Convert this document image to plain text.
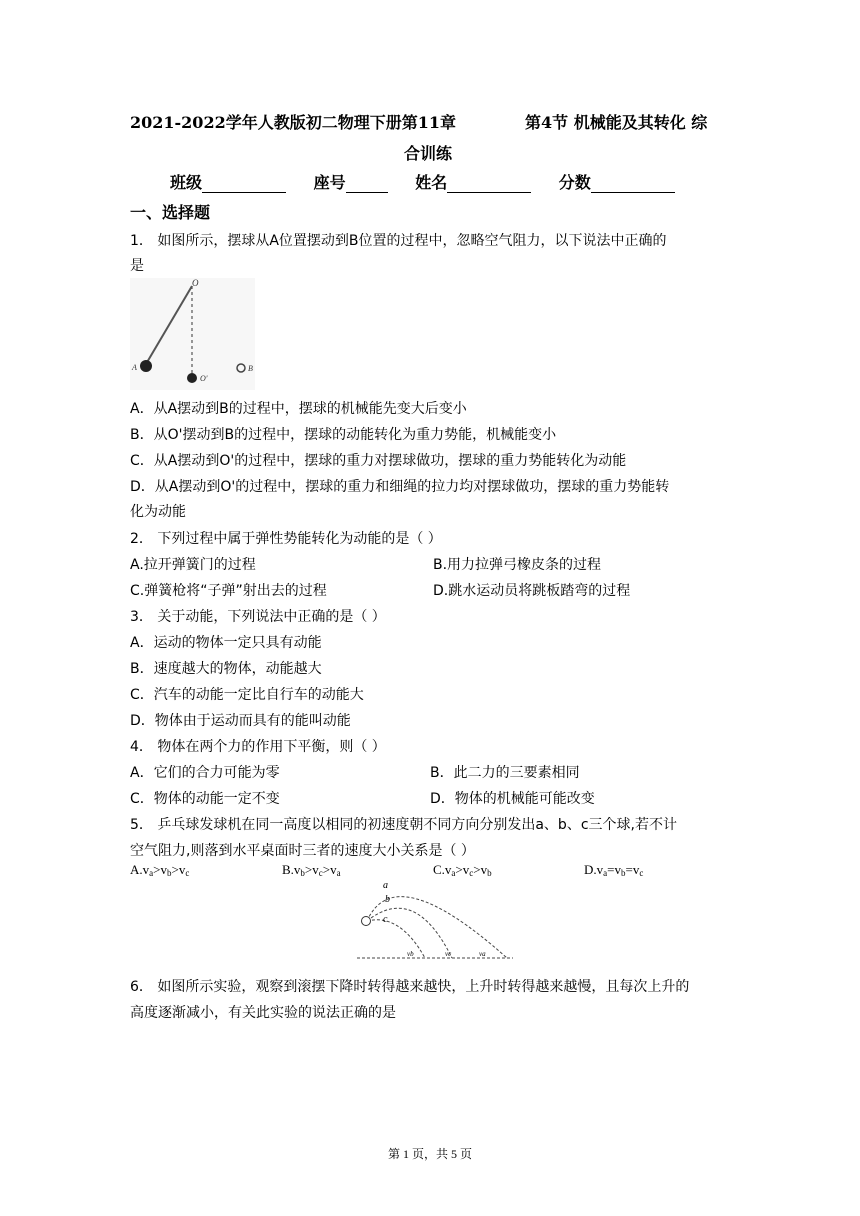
2021-2022学年人教版初二物理下册第11章	第4节 机械能及其转化 综
合训练
班级	座号	姓名	分数
一、选择题
1． 如图所示，摆球从A位置摆动到B位置的过程中，忽略空气阻力，以下说法中正确的
是
O
A
O'
B
A．从A摆动到B的过程中，摆球的机械能先变大后变小
B．从O'摆动到B的过程中，摆球的动能转化为重力势能，机械能变小
C．从A摆动到O'的过程中，摆球的重力对摆球做功，摆球的重力势能转化为动能
D．从A摆动到O'的过程中，摆球的重力和细绳的拉力均对摆球做功，摆球的重力势能转
化为动能
2． 下列过程中属于弹性势能转化为动能的是（ ）
A.拉开弹簧门的过程	B.用力拉弹弓橡皮条的过程
C.弹簧枪将“子弹”射出去的过程	D.跳水运动员将跳板踏弯的过程
3． 关于动能，下列说法中正确的是（ ）
A．运动的物体一定只具有动能
B．速度越大的物体，动能越大
C．汽车的动能一定比自行车的动能大
D．物体由于运动而具有的能叫动能
4． 物体在两个力的作用下平衡，则（ ）
A．它们的合力可能为零	B．此二力的三要素相同
C．物体的动能一定不变	D．物体的机械能可能改变
5． 乒乓球发球机在同一高度以相同的初速度朝不同方向分别发出a、b、c三个球,若不计
空气阻力,则落到水平桌面时三者的速度大小关系是（ ）
$A.v_a>v_b>v_c$	$B.v_b>v_c>v_a$	$C.v_a>v_c>v_b$	$D.v_a=v_b=v_c$
a
b
c
vb	vc	va
6． 如图所示实验，观察到滚摆下降时转得越来越快，上升时转得越来越慢，且每次上升的
高度逐渐减小，有关此实验的说法正确的是
第 1 页，共 5 页
